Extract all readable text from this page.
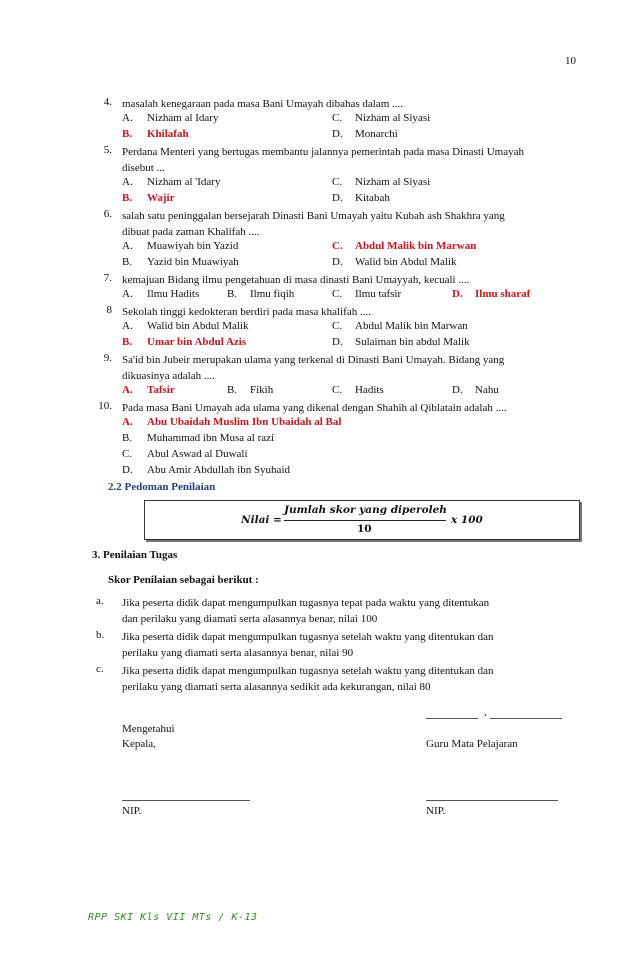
10
4. masalah kenegaraan pada masa Bani Umayah dibahas dalam ....
A. Nizham al Idary	C. Nizham al Siyasi
B. Khilafah	D. Monarchi
5. Perdana Menteri yang bertugas membantu jalannya pemerintah pada masa Dinasti Umayah
disebut ...
A. Nizham al 'Idary	C. Nizham al Siyasi
B. Wajir	D. Kitabah
6. salah satu peninggalan bersejarah Dinasti Bani Umayah yaitu Kubah ash Shakhra yang
dibuat pada zaman Khalifah ....
A. Muawiyah bin Yazid	C. Abdul Malik bin Marwan
B. Yazid bin Muawiyah	D. Walid bin Abdul Malik
7. kemajuan Bidang ilmu pengetahuan di masa dinasti Bani Umayyah, kecuali ....
A. Ilmu Hadits	B. Ilmu fiqih	C. Ilmu tafsir	D. Ilmu sharaf
8 Sekolah tinggi kedokteran berdiri pada masa khalifah ....
A. Walid bin Abdul Malik	C. Abdul Malik bin Marwan
B. Umar bin Abdul Azis	D. Sulaiman bin abdul Malik
9. Sa'id bin Jubeir merupakan ulama yang terkenal di Dinasti Bani Umayah. Bidang yang
dikuasinya adalah ....
A. Tafsir	B. Fikih	C. Hadits	D. Nahu
10. Pada masa Bani Umayah ada ulama yang dikenal dengan Shahih al Qiblatain adalah ....
A. Abu Ubaidah Muslim Ibn Ubaidah al Bal
B. Muhammad ibn Musa al razi
C. Abul Aswad al Duwali
D. Abu Amir Abdullah ibn Syuhaid
2.2 Pedoman Penilaian
Nilai =
Jumlah skor yang diperoleh
10
x 100
3. Penilaian Tugas
Skor Penilaian sebagai berikut :
a. Jika peserta didik dapat mengumpulkan tugasnya tepat pada waktu yang ditentukan
dan perilaku yang diamati serta alasannya benar, nilai 100
b. Jika peserta didik dapat mengumpulkan tugasnya setelah waktu yang ditentukan dan
perilaku yang diamati serta alasannya benar, nilai 90
c. Jika peserta didik dapat mengumpulkan tugasnya setelah waktu yang ditentukan dan
perilaku yang diamati serta alasannya sedikit ada kekurangan, nilai 80
,
Mengetahui
Kepala,	Guru Mata Pelajaran
NIP.	NIP.
RPP SKI Kls VII MTs / K-13
